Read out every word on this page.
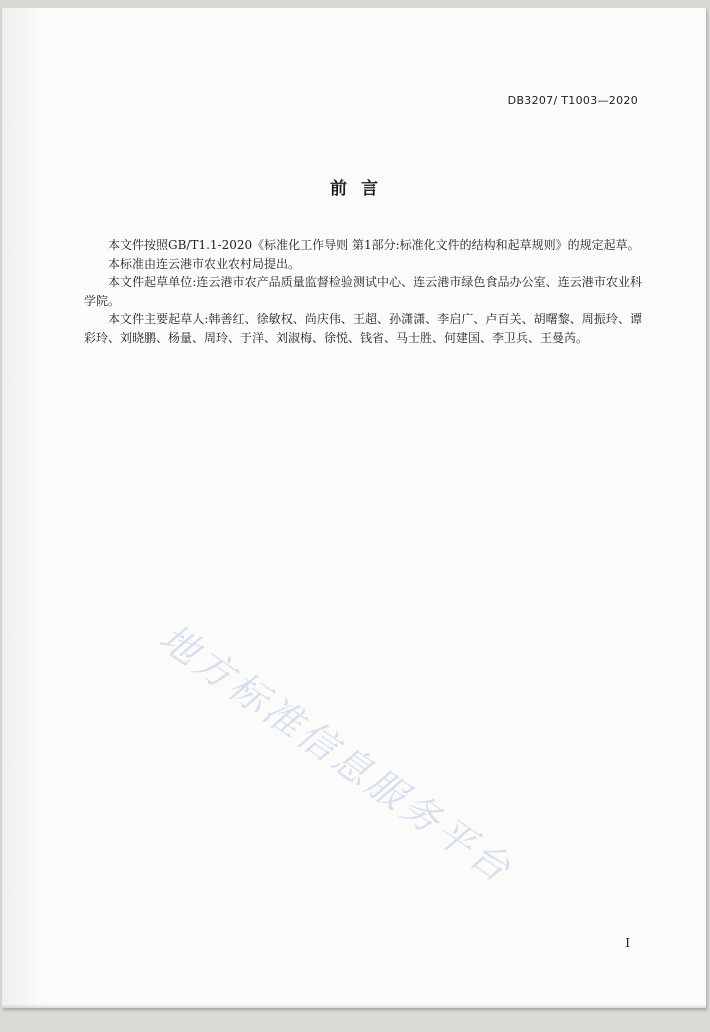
DB3207/ T1003—2020
前言

本文件按照GB/T1.1-2020《标准化工作导则 第1部分:标准化文件的结构和起草规则》的规定起草。

本标准由连云港市农业农村局提出。

本文件起草单位:连云港市农产品质量监督检验测试中心、连云港市绿色食品办公室、连云港市农业科学院。

本文件主要起草人:韩善红、徐敏权、尚庆伟、王超、孙潇潇、李启广、卢百关、胡曙黎、周振玲、谭彩玲、刘晓鹏、杨量、周玲、于洋、刘淑梅、徐悦、钱省、马士胜、何建国、李卫兵、王曼芮。

地方标准信息服务平台
I
